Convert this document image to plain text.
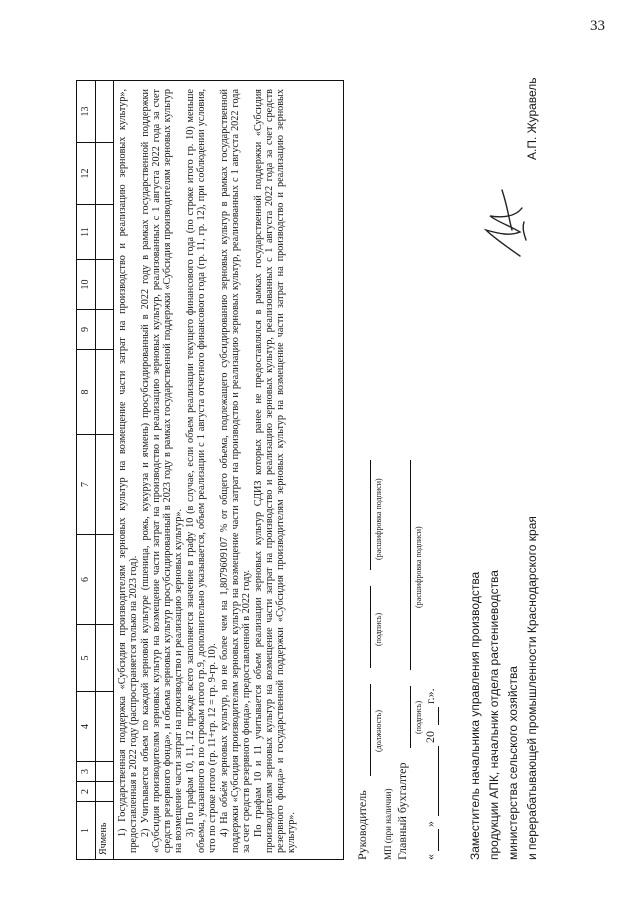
33
1
2
3
4
5
6
7
8
9
10
11
12
13
Ячмень

1) Государственная поддержка «Субсидия производителям зерновых культур на возмещение части затрат на производство и реализацию зерновых культур», предоставленная в 2022 году (распространяется только на 2023 год). 2) Учитывается объем по каждой зерновой культуре (пшеница, рожь, кукуруза и ячмень) просубсидированный в 2022 году в рамках государственной поддержки «Субсидия производителям зерновых культур на возмещение части затрат на производство и реализацию зерновых культур, реализованных с 1 августа 2022 года за счет средств резервного фонда», и объема зерновых культур просубсидированный в 2023 году в рамках государственной поддержки «Субсидия производителям зерновых культур на возмещение части затрат на производство и реализацию зерновых культур». 3) По графам 10, 11, 12 прежде всего заполняется значение в графу 10 (в случае, если объем реализации текущего финансового года (по строке итого гр. 10) меньше объема, указанного в по строкам итого гр.9, дополнительно указывается, объем реализации с 1 августа отчетного финансового года (гр. 11, гр. 12), при соблюдении условия, что по строке итого (гр. 11+гр. 12 = гр. 9-гр. 10). 4) На объём зерновых культур, но не более чем на 1,8079609107 % от общего объема, подлежащего субсидированию зерновых культур в рамках государственной поддержки «Субсидия производителям зерновых культур на возмещение части затрат на производство и реализацию зерновых культур, реализованных с 1 августа 2022 года за счет средств резервного фонда», предоставленной в 2022 году. По графам 10 и 11 учитывается объем реализации зерновых культур СДИЗ которых ранее не предоставлялся в рамках государственной поддержки «Субсидия производителям зерновых культур на возмещение части затрат на производство и реализацию зерновых культур, реализованных с 1 августа 2022 года за счет средств резервного фонда» и государственной поддержки «Субсидия производителям зерновых культур на возмещение части затрат на производство и реализацию зерновых культур».	Руководитель
(должность)
(подпись)
(расшифровка подписи)
МП (при наличии) Главный бухгалтер
(подпись)
(расшифровка подписи)
«
»
20
г.».	Заместитель начальника управления производства продукции АПК, начальник отдела растениеводства министерства сельского хозяйства и перерабатывающей промышленности Краснодарского края
А.П. Журавель
